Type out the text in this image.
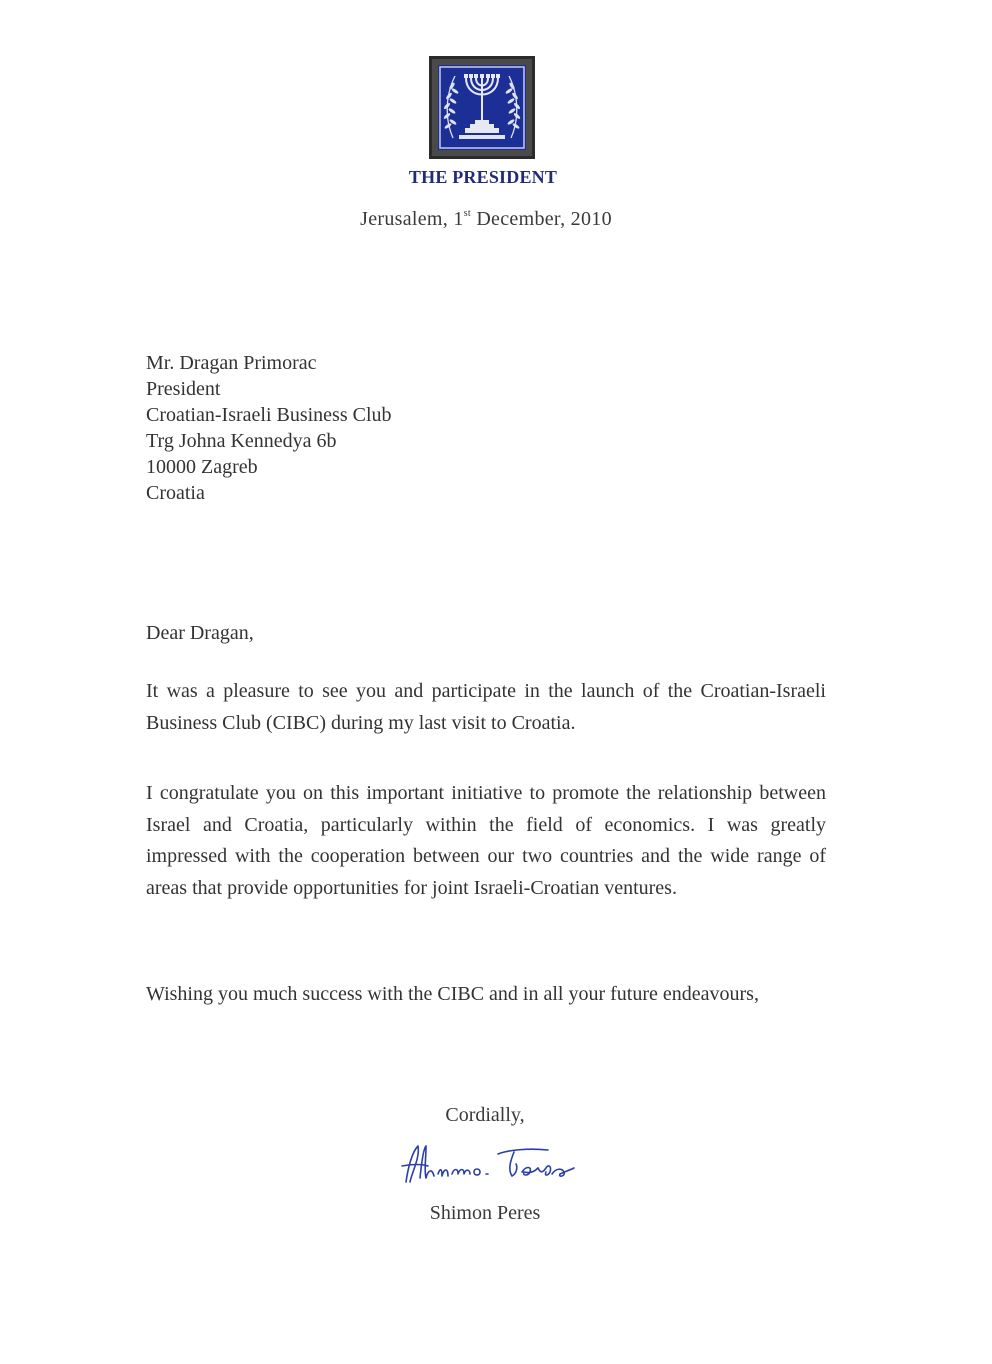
THE PRESIDENT
Jerusalem, 1st December, 2010
Mr. Dragan Primorac
President
Croatian-Israeli Business Club
Trg Johna Kennedya 6b
10000 Zagreb
Croatia
Dear Dragan,
It was a pleasure to see you and participate in the launch of the Croatian-Israeli Business Club (CIBC) during my last visit to Croatia.
I congratulate you on this important initiative to promote the relationship between Israel and Croatia, particularly within the field of economics. I was greatly impressed with the cooperation between our two countries and the wide range of areas that provide opportunities for joint Israeli-Croatian ventures.
Wishing you much success with the CIBC and in all your future endeavours,
Cordially,
Shimon Peres
